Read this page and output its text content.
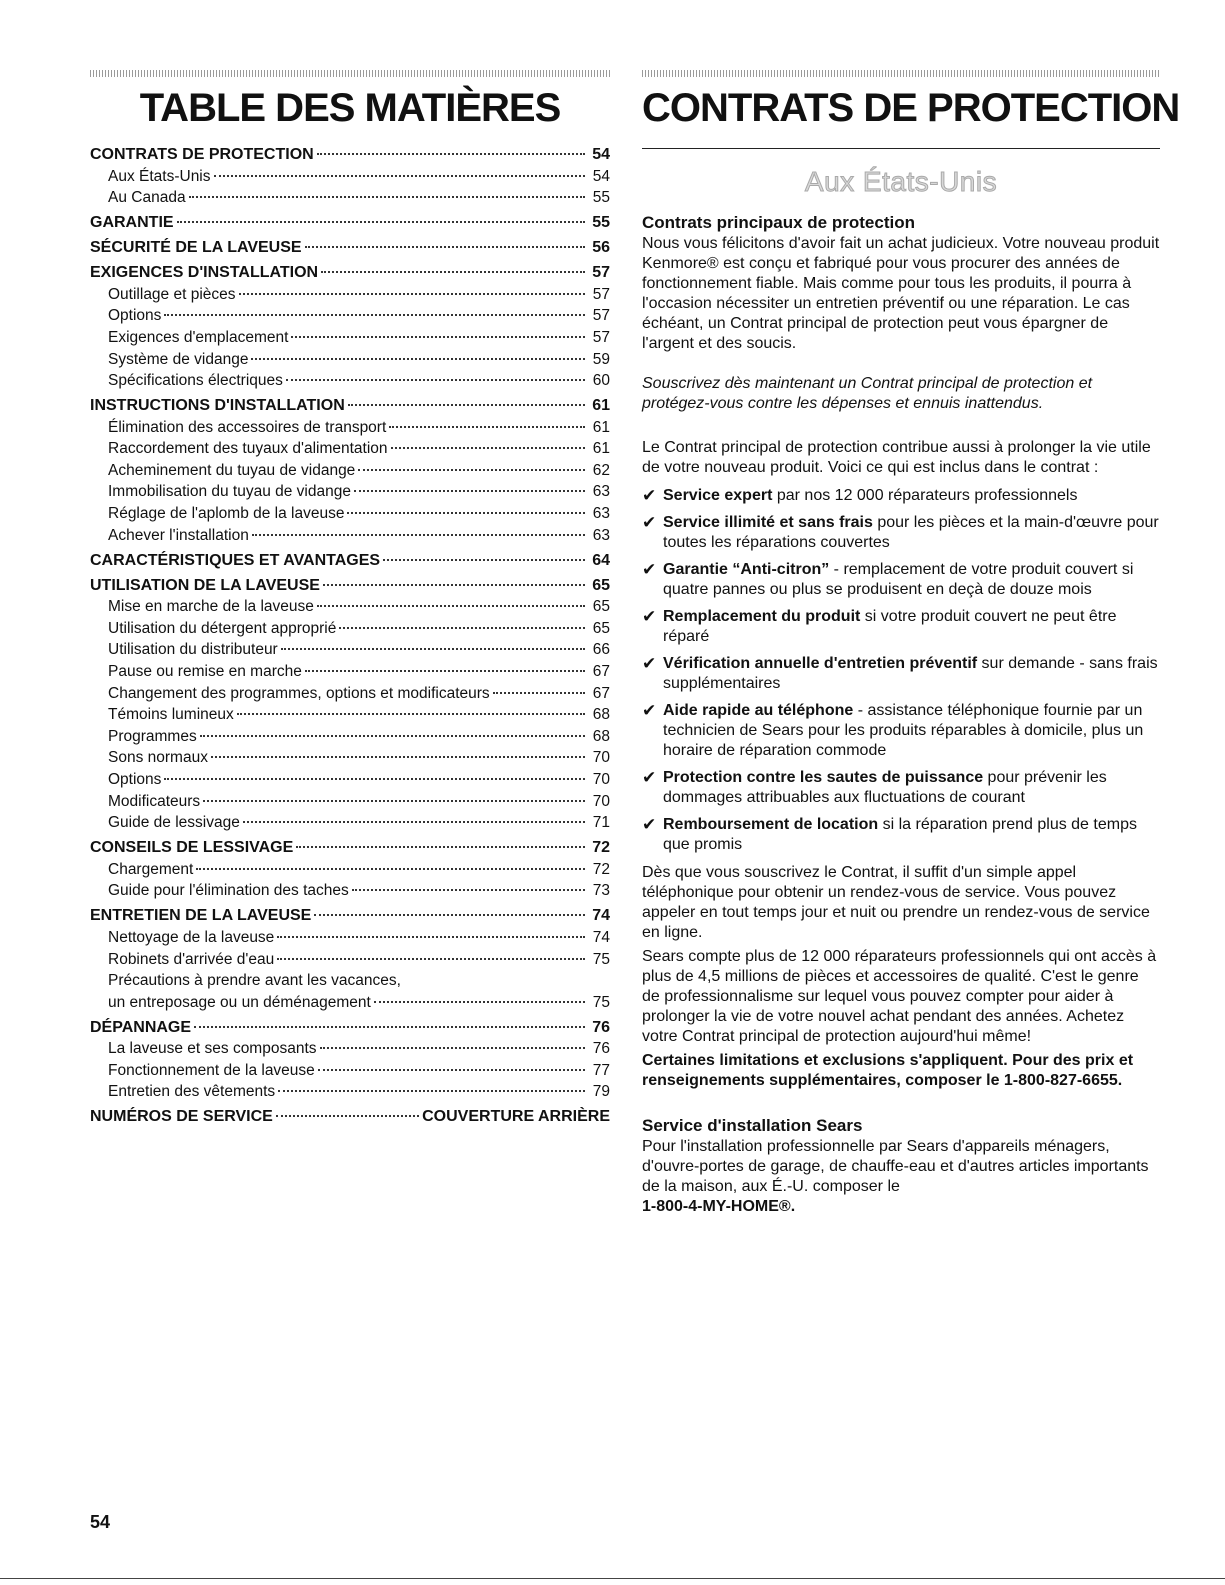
TABLE DES MATIÈRES	CONTRATS DE PROTECTION
CONTRATS DE PROTECTION	54
Aux États-Unis	54
Au Canada	55
GARANTIE	55
SÉCURITÉ DE LA LAVEUSE	56
EXIGENCES D'INSTALLATION	57
Outillage et pièces	57
Options	57
Exigences d'emplacement	57
Système de vidange	59
Spécifications électriques	60
INSTRUCTIONS D'INSTALLATION	61
Élimination des accessoires de transport	61
Raccordement des tuyaux d'alimentation	61
Acheminement du tuyau de vidange	62
Immobilisation du tuyau de vidange	63
Réglage de l'aplomb de la laveuse	63
Achever l'installation	63
CARACTÉRISTIQUES ET AVANTAGES	64
UTILISATION DE LA LAVEUSE	65
Mise en marche de la laveuse	65
Utilisation du détergent approprié	65
Utilisation du distributeur	66
Pause ou remise en marche	67
Changement des programmes, options et modificateurs	67
Témoins lumineux	68
Programmes	68
Sons normaux	70
Options	70
Modificateurs	70
Guide de lessivage	71
CONSEILS DE LESSIVAGE	72
Chargement	72
Guide pour l'élimination des taches	73
ENTRETIEN DE LA LAVEUSE	74
Nettoyage de la laveuse	74
Robinets d'arrivée d'eau	75
Précautions à prendre avant les vacances,
un entreposage ou un déménagement	75
DÉPANNAGE	76
La laveuse et ses composants	76
Fonctionnement de la laveuse	77
Entretien des vêtements	79
NUMÉROS DE SERVICE	COUVERTURE ARRIÈRE
Aux États-Unis
Contrats principaux de protection

Nous vous félicitons d'avoir fait un achat judicieux. Votre nouveau produit Kenmore® est conçu et fabriqué pour vous procurer des années de fonctionnement fiable. Mais comme pour tous les produits, il pourra à l'occasion nécessiter un entretien préventif ou une réparation. Le cas échéant, un Contrat principal de protection peut vous épargner de l'argent et des soucis.

Souscrivez dès maintenant un Contrat principal de protection et protégez-vous contre les dépenses et ennuis inattendus.

Le Contrat principal de protection contribue aussi à prolonger la vie utile de votre nouveau produit. Voici ce qui est inclus dans le contrat :

✔ Service expert par nos 12 000 réparateurs professionnels
✔ Service illimité et sans frais pour les pièces et la main-d'œuvre pour toutes les réparations couvertes
✔ Garantie “Anti-citron” - remplacement de votre produit couvert si quatre pannes ou plus se produisent en deçà de douze mois
✔ Remplacement du produit si votre produit couvert ne peut être réparé
✔ Vérification annuelle d'entretien préventif sur demande - sans frais supplémentaires
✔ Aide rapide au téléphone - assistance téléphonique fournie par un technicien de Sears pour les produits réparables à domicile, plus un horaire de réparation commode
✔ Protection contre les sautes de puissance pour prévenir les dommages attribuables aux fluctuations de courant
✔ Remboursement de location si la réparation prend plus de temps que promis

Dès que vous souscrivez le Contrat, il suffit d'un simple appel téléphonique pour obtenir un rendez-vous de service. Vous pouvez appeler en tout temps jour et nuit ou prendre un rendez-vous de service en ligne.

Sears compte plus de 12 000 réparateurs professionnels qui ont accès à plus de 4,5 millions de pièces et accessoires de qualité. C'est le genre de professionnalisme sur lequel vous pouvez compter pour aider à prolonger la vie de votre nouvel achat pendant des années. Achetez votre Contrat principal de protection aujourd'hui même!

Certaines limitations et exclusions s'appliquent. Pour des prix et renseignements supplémentaires, composer le 1-800-827-6655.

Service d'installation Sears

Pour l'installation professionnelle par Sears d'appareils ménagers, d'ouvre-portes de garage, de chauffe-eau et d'autres articles importants de la maison, aux É.-U. composer le
1-800-4-MY-HOME®.

54
